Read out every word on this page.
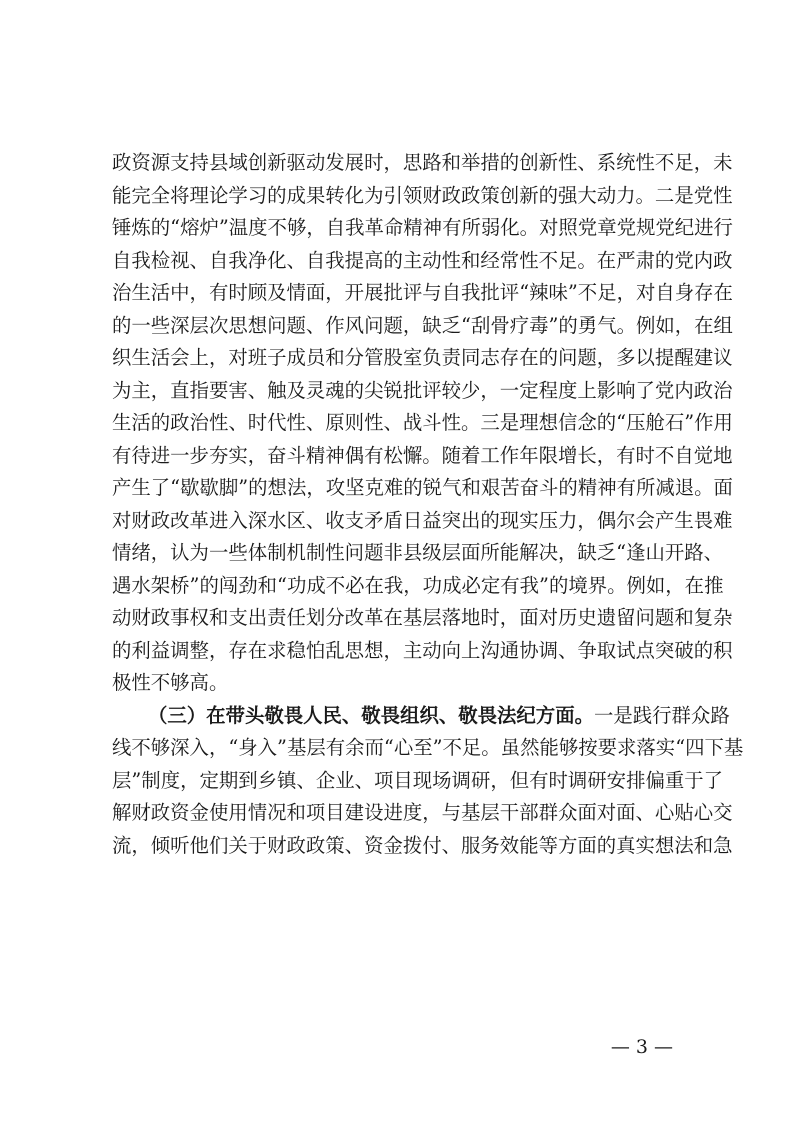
政资源支持县域创新驱动发展时，思路和举措的创新性、系统性不足，未
能完全将理论学习的成果转化为引领财政政策创新的强大动力。二是党性
锤炼的“熔炉”温度不够，自我革命精神有所弱化。对照党章党规党纪进行
自我检视、自我净化、自我提高的主动性和经常性不足。在严肃的党内政
治生活中，有时顾及情面，开展批评与自我批评“辣味”不足，对自身存在
的一些深层次思想问题、作风问题，缺乏“刮骨疗毒”的勇气。例如，在组
织生活会上，对班子成员和分管股室负责同志存在的问题，多以提醒建议
为主，直指要害、触及灵魂的尖锐批评较少，一定程度上影响了党内政治
生活的政治性、时代性、原则性、战斗性。三是理想信念的“压舱石”作用
有待进一步夯实，奋斗精神偶有松懈。随着工作年限增长，有时不自觉地
产生了“歇歇脚”的想法，攻坚克难的锐气和艰苦奋斗的精神有所减退。面
对财政改革进入深水区、收支矛盾日益突出的现实压力，偶尔会产生畏难
情绪，认为一些体制机制性问题非县级层面所能解决，缺乏“逢山开路、
遇水架桥”的闯劲和“功成不必在我，功成必定有我”的境界。例如，在推
动财政事权和支出责任划分改革在基层落地时，面对历史遗留问题和复杂
的利益调整，存在求稳怕乱思想，主动向上沟通协调、争取试点突破的积
极性不够高。
（三）在带头敬畏人民、敬畏组织、敬畏法纪方面。一是践行群众路
线不够深入，“身入”基层有余而“心至”不足。虽然能够按要求落实“四下基
层”制度，定期到乡镇、企业、项目现场调研，但有时调研安排偏重于了
解财政资金使用情况和项目建设进度，与基层干部群众面对面、心贴心交
流，倾听他们关于财政政策、资金拨付、服务效能等方面的真实想法和急
— 3 —
